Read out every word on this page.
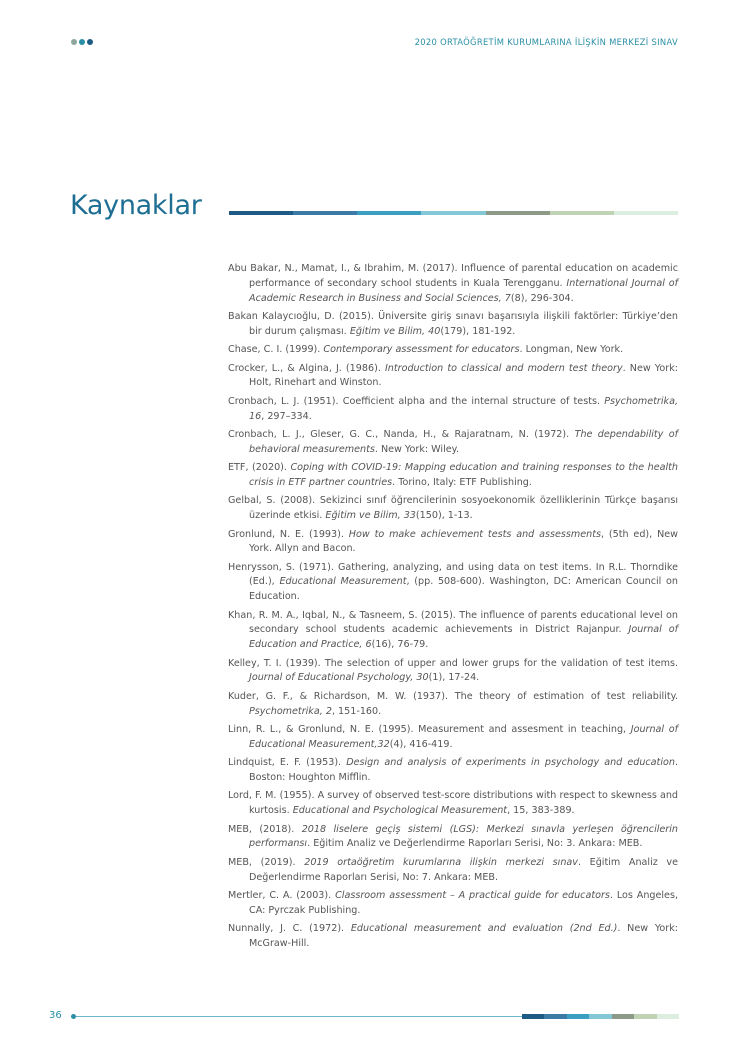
2020 ORTAÖĞRETİM KURUMLARINA İLİŞKİN MERKEZİ SINAV
Kaynaklar

Abu Bakar, N., Mamat, I., & Ibrahim, M. (2017). Influence of parental education on academic performance of secondary school students in Kuala Terengganu. International Journal of Academic Research in Business and Social Sciences, 7(8), 296-304.

Bakan Kalaycıoğlu, D. (2015). Üniversite giriş sınavı başarısıyla ilişkili faktörler: Türkiye’den bir durum çalışması. Eğitim ve Bilim, 40(179), 181-192.

Chase, C. I. (1999). Contemporary assessment for educators. Longman, New York.

Crocker, L., & Algina, J. (1986). Introduction to classical and modern test theory. New York: Holt, Rinehart and Winston.

Cronbach, L. J. (1951). Coefficient alpha and the internal structure of tests. Psychometrika, 16, 297–334.

Cronbach, L. J., Gleser, G. C., Nanda, H., & Rajaratnam, N. (1972). The dependability of behavioral measurements. New York: Wiley.

ETF, (2020). Coping with COVID-19: Mapping education and training responses to the health crisis in ETF partner countries. Torino, Italy: ETF Publishing.

Gelbal, S. (2008). Sekizinci sınıf öğrencilerinin sosyoekonomik özelliklerinin Türkçe başarısı üzerinde etkisi. Eğitim ve Bilim, 33(150), 1-13.

Gronlund, N. E. (1993). How to make achievement tests and assessments, (5th ed), New York. Allyn and Bacon.

Henrysson, S. (1971). Gathering, analyzing, and using data on test items. In R.L. Thorndike (Ed.), Educational Measurement, (pp. 508-600). Washington, DC: American Council on Education.

Khan, R. M. A., Iqbal, N., & Tasneem, S. (2015). The influence of parents educational level on secondary school students academic achievements in District Rajanpur. Journal of Education and Practice, 6(16), 76-79.

Kelley, T. I. (1939). The selection of upper and lower grups for the validation of test items. Journal of Educational Psychology, 30(1), 17-24.

Kuder, G. F., & Richardson, M. W. (1937). The theory of estimation of test reliability. Psychometrika, 2, 151-160.

Linn, R. L., & Gronlund, N. E. (1995). Measurement and assesment in teaching, Journal of Educational Measurement,32(4), 416-419.

Lindquist, E. F. (1953). Design and analysis of experiments in psychology and education. Boston: Houghton Mifflin.

Lord, F. M. (1955). A survey of observed test-score distributions with respect to skewness and kurtosis. Educational and Psychological Measurement, 15, 383-389.

MEB, (2018). 2018 liselere geçiş sistemi (LGS): Merkezi sınavla yerleşen öğrencilerin performansı. Eğitim Analiz ve Değerlendirme Raporları Serisi, No: 3. Ankara: MEB.

MEB, (2019). 2019 ortaöğretim kurumlarına ilişkin merkezi sınav. Eğitim Analiz ve Değerlendirme Raporları Serisi, No: 7. Ankara: MEB.

Mertler, C. A. (2003). Classroom assessment – A practical guide for educators. Los Angeles, CA: Pyrczak Publishing.

Nunnally, J. C. (1972). Educational measurement and evaluation (2nd Ed.). New York: McGraw-Hill.

36
